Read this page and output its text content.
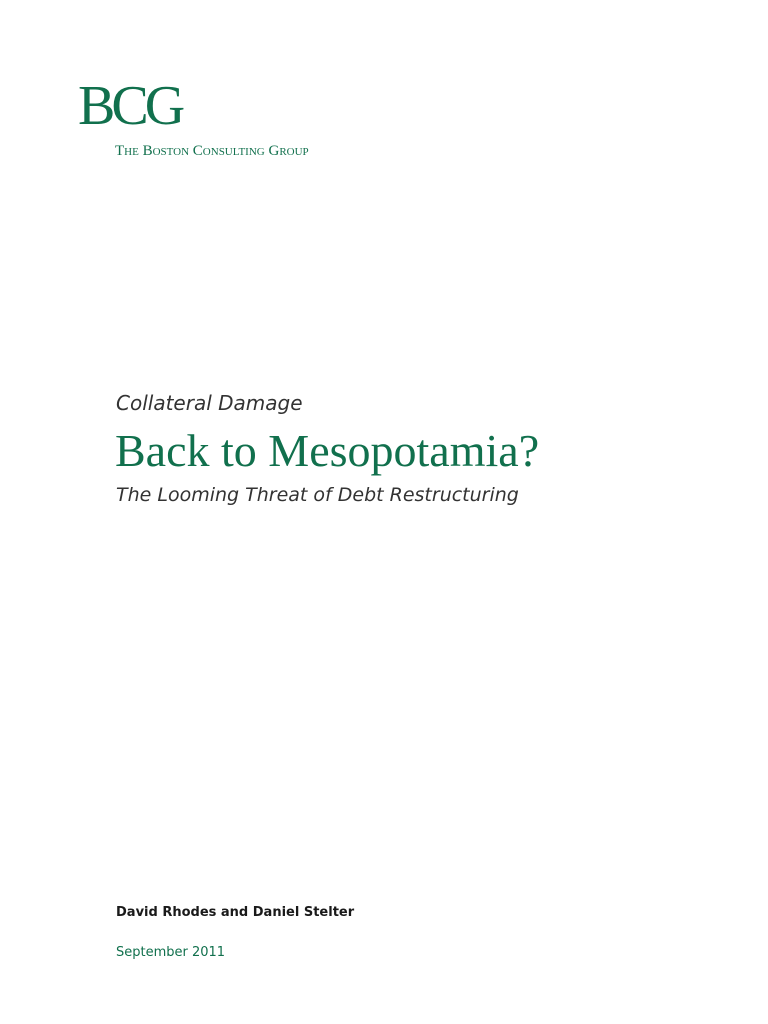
BCG
The Boston Consulting Group
Collateral Damage
Back to Mesopotamia?
The Looming Threat of Debt Restructuring
David Rhodes and Daniel Stelter
September 2011
